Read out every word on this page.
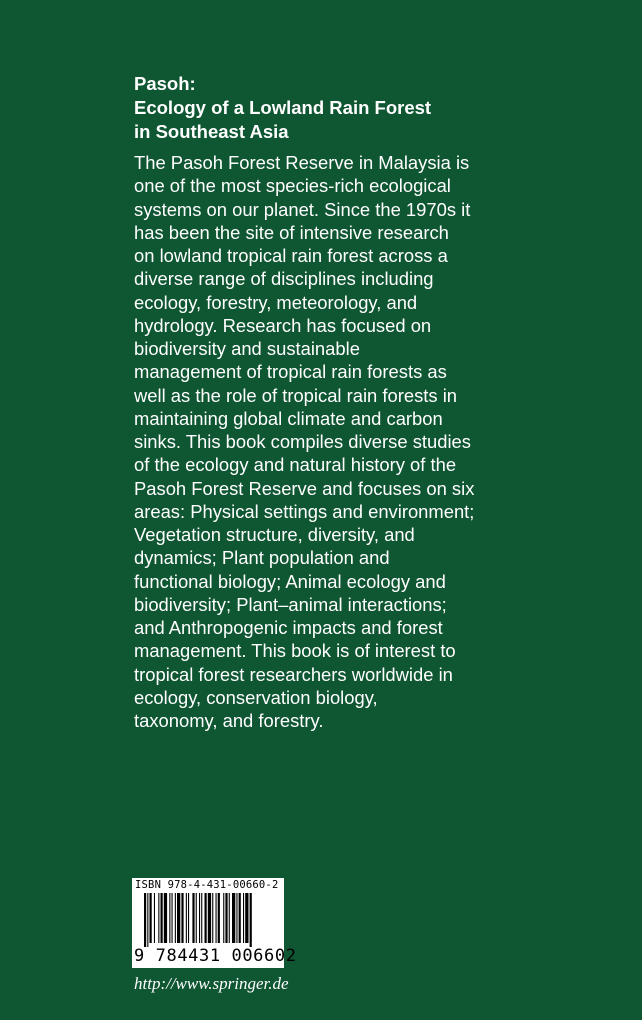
Pasoh:
Ecology of a Lowland Rain Forest
in Southeast Asia

The Pasoh Forest Reserve in Malaysia is
one of the most species-rich ecological
systems on our planet. Since the 1970s it
has been the site of intensive research
on lowland tropical rain forest across a
diverse range of disciplines including
ecology, forestry, meteorology, and
hydrology. Research has focused on
biodiversity and sustainable
management of tropical rain forests as
well as the role of tropical rain forests in
maintaining global climate and carbon
sinks. This book compiles diverse studies
of the ecology and natural history of the
Pasoh Forest Reserve and focuses on six
areas: Physical settings and environment;
Vegetation structure, diversity, and
dynamics; Plant population and
functional biology; Animal ecology and
biodiversity; Plant–animal interactions;
and Anthropogenic impacts and forest
management. This book is of interest to
tropical forest researchers worldwide in
ecology, conservation biology,
taxonomy, and forestry.

ISBN 978-4-431-00660-2
9 784431 006602
http://www.springer.de
